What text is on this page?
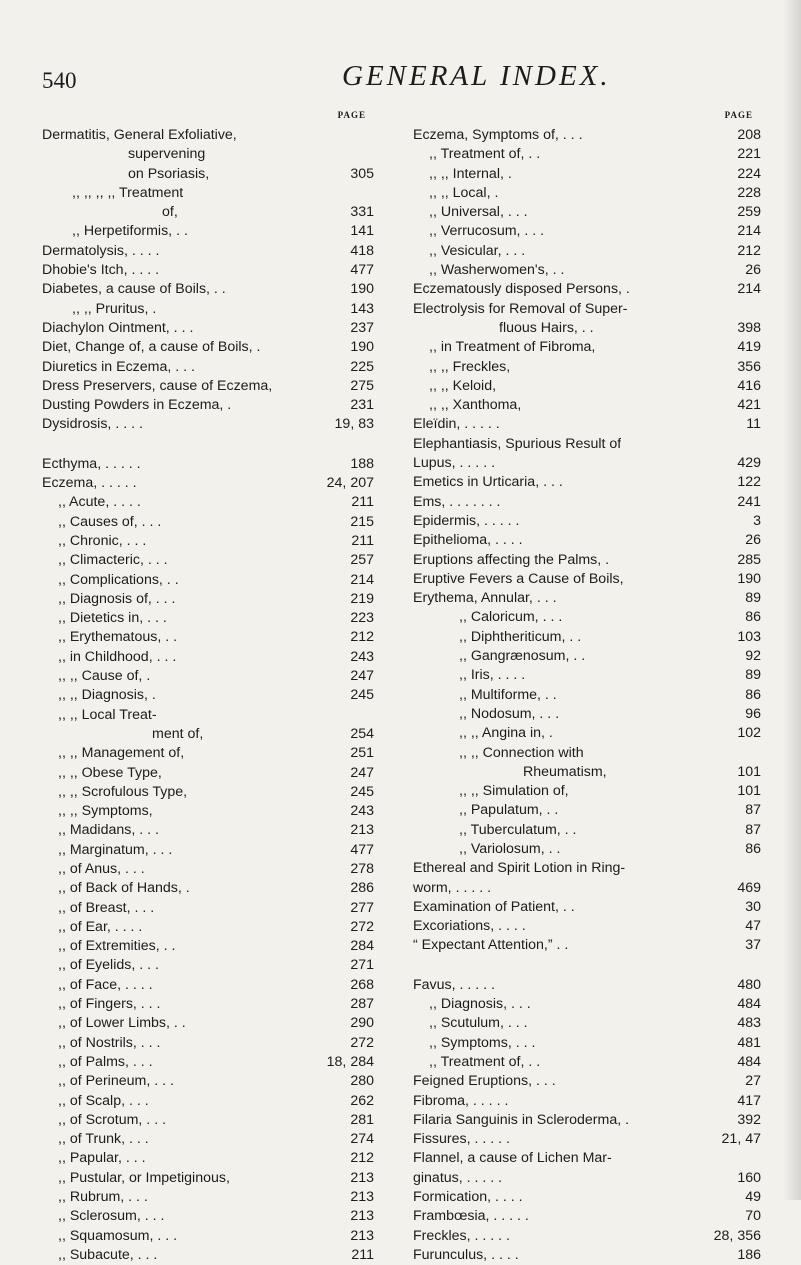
540	GENERAL INDEX.
PAGE
Dermatitis, General Exfoliative,
supervening
on Psoriasis,	305
,, ,, ,, ,, Treatment
of,	331
,, Herpetiformis, . .	141
Dermatolysis, . . . .	418
Dhobie's Itch, . . . .	477
Diabetes, a cause of Boils, . .	190
,, ,, Pruritus, .	143
Diachylon Ointment, . . .	237
Diet, Change of, a cause of Boils, .	190
Diuretics in Eczema, . . .	225
Dress Preservers, cause of Eczema,	275
Dusting Powders in Eczema, .	231
Dysidrosis, . . . .	19, 83
Ecthyma, . . . . .	188
Eczema, . . . . .	24, 207
,, Acute, . . . .	211
,, Causes of, . . .	215
,, Chronic, . . .	211
,, Climacteric, . . .	257
,, Complications, . .	214
,, Diagnosis of, . . .	219
,, Dietetics in, . . .	223
,, Erythematous, . .	212
,, in Childhood, . . .	243
,, ,, Cause of, .	247
,, ,, Diagnosis, .	245
,, ,, Local Treat-
ment of,	254
,, ,, Management of,	251
,, ,, Obese Type,	247
,, ,, Scrofulous Type,	245
,, ,, Symptoms,	243
,, Madidans, . . .	213
,, Marginatum, . . .	477
,, of Anus, . . .	278
,, of Back of Hands, .	286
,, of Breast, . . .	277
,, of Ear, . . . .	272
,, of Extremities, . .	284
,, of Eyelids, . . .	271
,, of Face, . . . .	268
,, of Fingers, . . .	287
,, of Lower Limbs, . .	290
,, of Nostrils, . . .	272
,, of Palms, . . .	18, 284
,, of Perineum, . . .	280
,, of Scalp, . . .	262
,, of Scrotum, . . .	281
,, of Trunk, . . .	274
,, Papular, . . .	212
,, Pustular, or Impetiginous,	213
,, Rubrum, . . .	213
,, Sclerosum, . . .	213
,, Squamosum, . . .	213
,, Subacute, . . .	211
PAGE
Eczema, Symptoms of, . . .	208
,, Treatment of, . .	221
,, ,, Internal, .	224
,, ,, Local, .	228
,, Universal, . . .	259
,, Verrucosum, . . .	214
,, Vesicular, . . .	212
,, Washerwomen's, . .	26
Eczematously disposed Persons, .	214
Electrolysis for Removal of Super-
fluous Hairs, . .	398
,, in Treatment of Fibroma,	419
,, ,, Freckles,	356
,, ,, Keloid,	416
,, ,, Xanthoma,	421
Eleïdin, . . . . .	11
Elephantiasis, Spurious Result of
Lupus, . . . . .	429
Emetics in Urticaria, . . .	122
Ems, . . . . . . .	241
Epidermis, . . . . .	3
Epithelioma, . . . .	26
Eruptions affecting the Palms, .	285
Eruptive Fevers a Cause of Boils,	190
Erythema, Annular, . . .	89
,, Caloricum, . . .	86
,, Diphtheriticum, . .	103
,, Gangrænosum, . .	92
,, Iris, . . . .	89
,, Multiforme, . .	86
,, Nodosum, . . .	96
,, ,, Angina in, .	102
,, ,, Connection with
Rheumatism,	101
,, ,, Simulation of,	101
,, Papulatum, . .	87
,, Tuberculatum, . .	87
,, Variolosum, . .	86
Ethereal and Spirit Lotion in Ring-
worm, . . . . .	469
Examination of Patient, . .	30
Excoriations, . . . .	47
“ Expectant Attention,” . .	37
Favus, . . . . .	480
,, Diagnosis, . . .	484
,, Scutulum, . . .	483
,, Symptoms, . . .	481
,, Treatment of, . .	484
Feigned Eruptions, . . .	27
Fibroma, . . . . .	417
Filaria Sanguinis in Scleroderma, .	392
Fissures, . . . . .	21, 47
Flannel, a cause of Lichen Mar-
ginatus, . . . . .	160
Formication, . . . .	49
Frambœsia, . . . . .	70
Freckles, . . . . .	28, 356
Furunculus, . . . .	186
